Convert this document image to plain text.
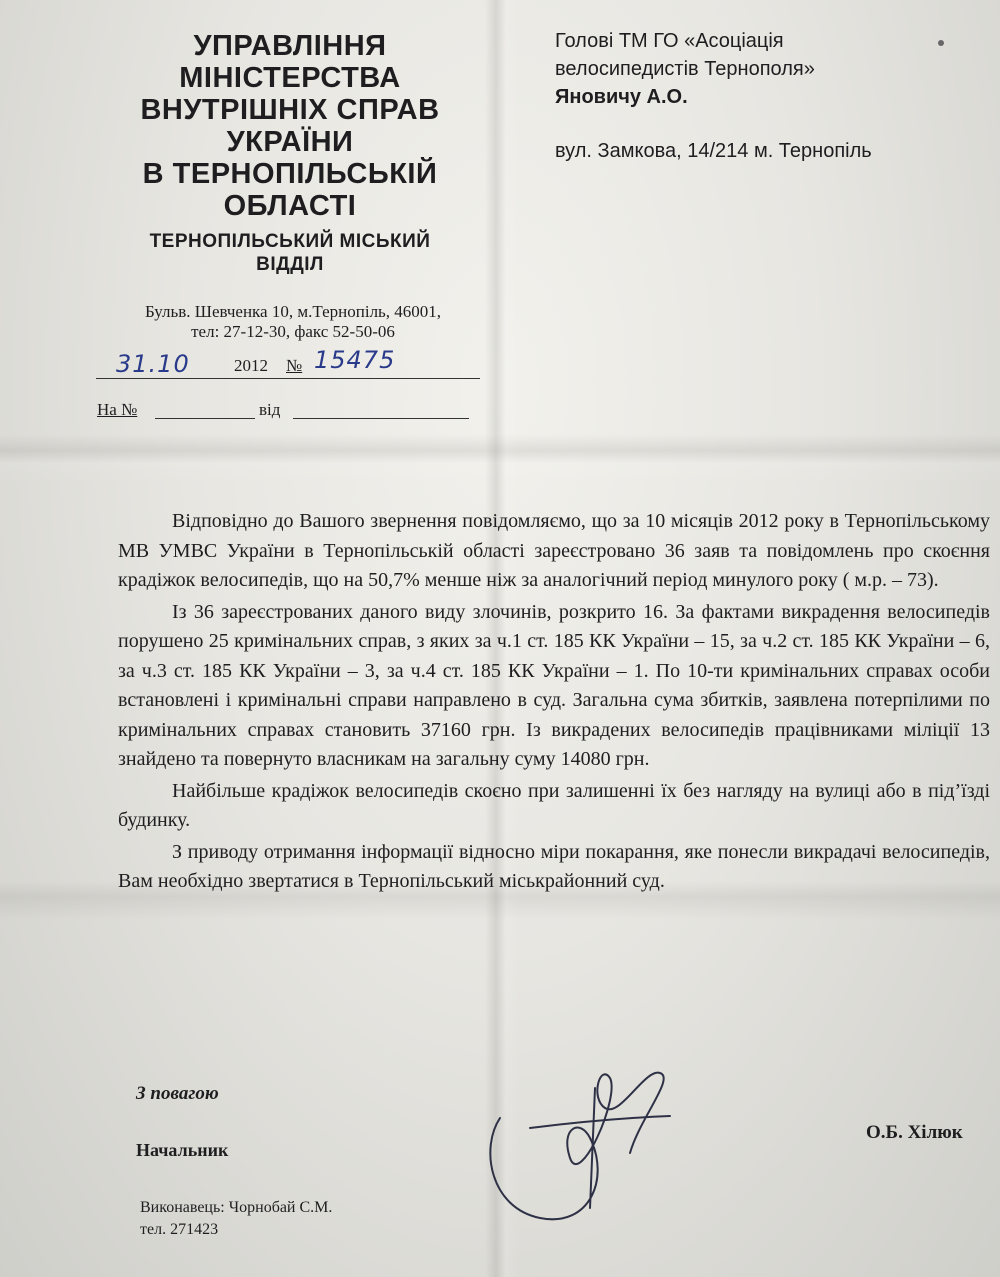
УПРАВЛІННЯ
МІНІСТЕРСТВА
ВНУТРІШНІХ СПРАВ
УКРАЇНИ
В ТЕРНОПІЛЬСЬКІЙ
ОБЛАСТІ
ТЕРНОПІЛЬСЬКИЙ МІСЬКИЙ
ВІДДІЛ
Бульв. Шевченка 10, м.Тернопіль, 46001,
тел: 27-12-30, факс 52-50-06
31.10	2012 № 15475
На №	від
Голові ТМ ГО «Асоціація
велосипедистів Тернополя»
Яновичу А.О.
вул. Замкова, 14/214 м. Тернопіль

Відповідно до Вашого звернення повідомляємо, що за 10 місяців 2012 року в Тернопільському МВ УМВС України в Тернопільській області зареєстровано 36 заяв та повідомлень про скоєння крадіжок велосипедів, що на 50,7% менше ніж за аналогічний період минулого року ( м.р. – 73).

Із 36 зареєстрованих даного виду злочинів, розкрито 16. За фактами викрадення велосипедів порушено 25 кримінальних справ, з яких за ч.1 ст. 185 КК України – 15, за ч.2 ст. 185 КК України – 6, за ч.3 ст. 185 КК України – 3, за ч.4 ст. 185 КК України – 1. По 10-ти кримінальних справах особи встановлені і кримінальні справи направлено в суд. Загальна сума збитків, заявлена потерпілими по кримінальних справах становить 37160 грн. Із викрадених велосипедів працівниками міліції 13 знайдено та повернуто власникам на загальну суму 14080 грн.

Найбільше крадіжок велосипедів скоєно при залишенні їх без нагляду на вулиці або в під’їзді будинку.

З приводу отримання інформації відносно міри покарання, яке понесли викрадачі велосипедів, Вам необхідно звертатися в Тернопільський міськрайонний суд.

З повагою
Начальник
О.Б. Хілюк
Виконавець: Чорнобай С.М.
тел. 271423
